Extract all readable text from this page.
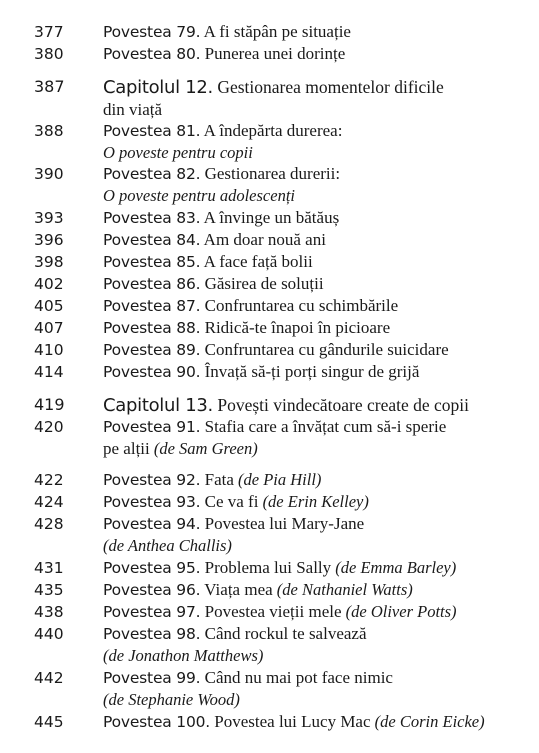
377	Povestea 79. A fi stăpân pe situație
380	Povestea 80. Punerea unei dorințe
387 Capitolul 12. Gestionarea momentelor dificile
din viață
388	Povestea 81. A îndepărta durerea:
O poveste pentru copii
390	Povestea 82. Gestionarea durerii:
O poveste pentru adolescenți
393	Povestea 83. A învinge un bătăuș
396	Povestea 84. Am doar nouă ani
398	Povestea 85. A face față bolii
402	Povestea 86. Găsirea de soluții
405	Povestea 87. Confruntarea cu schimbările
407	Povestea 88. Ridică-te înapoi în picioare
410	Povestea 89. Confruntarea cu gândurile suicidare
414	Povestea 90. Învață să-ți porți singur de grijă
419 Capitolul 13. Povești vindecătoare create de copii
420	Povestea 91. Stafia care a învățat cum să-i sperie
pe alții (de Sam Green)
422	Povestea 92. Fata (de Pia Hill)
424	Povestea 93. Ce va fi (de Erin Kelley)
428	Povestea 94. Povestea lui Mary-Jane
(de Anthea Challis)
431	Povestea 95. Problema lui Sally (de Emma Barley)
435	Povestea 96. Viața mea (de Nathaniel Watts)
438	Povestea 97. Povestea vieții mele (de Oliver Potts)
440	Povestea 98. Când rockul te salvează
(de Jonathon Matthews)
442	Povestea 99. Când nu mai pot face nimic
(de Stephanie Wood)
445	Povestea 100. Povestea lui Lucy Mac (de Corin Eicke)
